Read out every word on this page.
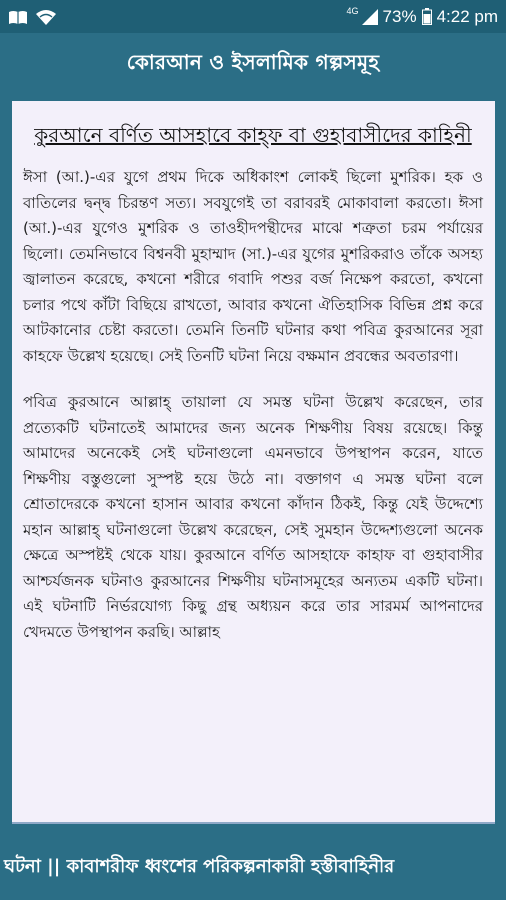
4G 73% 4:22 pm
কোরআন ও ইসলামিক গল্পসমূহ
কুরআনে বর্ণিত আসহাবে কাহ্‌ফ বা গুহাবাসীদের কাহিনী

ঈসা (আ.)-এর যুগে প্রথম দিকে অধিকাংশ লোকই ছিলো মুশরিক। হক ও বাতিলের দ্বন্দ্ব চিরন্তণ সত্য। সবযুগেই তা বরাবরই মোকাবালা করতো। ঈসা (আ.)-এর যুগেও মুশরিক ও তাওহীদপন্থীদের মাঝে শত্রুতা চরম পর্যায়ের ছিলো। তেমনিভাবে বিশ্বনবী মুহাম্মাদ (সা.)-এর যুগের মুশরিকরাও তাঁকে অসহ্য জ্বালাতন করেছে, কখনো শরীরে গবাদি পশুর বর্জ নিক্ষেপ করতো, কখনো চলার পথে কাঁটা বিছিয়ে রাখতো, আবার কখনো ঐতিহাসিক বিভিন্ন প্রশ্ন করে আটকানোর চেষ্টা করতো। তেমনি তিনটি ঘটনার কথা পবিত্র কুরআনের সূরা কাহফে উল্লেখ হয়েছে। সেই তিনটি ঘটনা নিয়ে বক্ষমান প্রবন্ধের অবতারণা।

পবিত্র কুরআনে আল্লাহ্‌ তায়ালা যে সমস্ত ঘটনা উল্লেখ করেছেন, তার প্রত্যেকটি ঘটনাতেই আমাদের জন্য অনেক শিক্ষণীয় বিষয় রয়েছে। কিন্তু আমাদের অনেকেই সেই ঘটনাগুলো এমনভাবে উপস্থাপন করেন, যাতে শিক্ষণীয় বস্তুগুলো সুস্পষ্ট হয়ে উঠে না। বক্তাগণ এ সমস্ত ঘটনা বলে শ্রোতাদেরকে কখনো হাসান আবার কখনো কাঁদান ঠিকই, কিন্তু যেই উদ্দেশ্যে মহান আল্লাহ্‌ ঘটনাগুলো উল্লেখ করেছেন, সেই সুমহান উদ্দেশ্যগুলো অনেক ক্ষেত্রে অস্পষ্টই থেকে যায়। কুরআনে বর্ণিত আসহাফে কাহাফ বা গুহাবাসীর আশ্চর্যজনক ঘটনাও কুরআনের শিক্ষণীয় ঘটনাসমূহের অন্যতম একটি ঘটনা। এই ঘটনাটি নির্ভরযোগ্য কিছু গ্রন্থ অধ্যয়ন করে তার সারমর্ম আপনাদের খেদমতে উপস্থাপন করছি। আল্লাহ

ঘটনা || কাবাশরীফ ধ্বংশের পরিকল্পনাকারী হস্তীবাহিনীর
